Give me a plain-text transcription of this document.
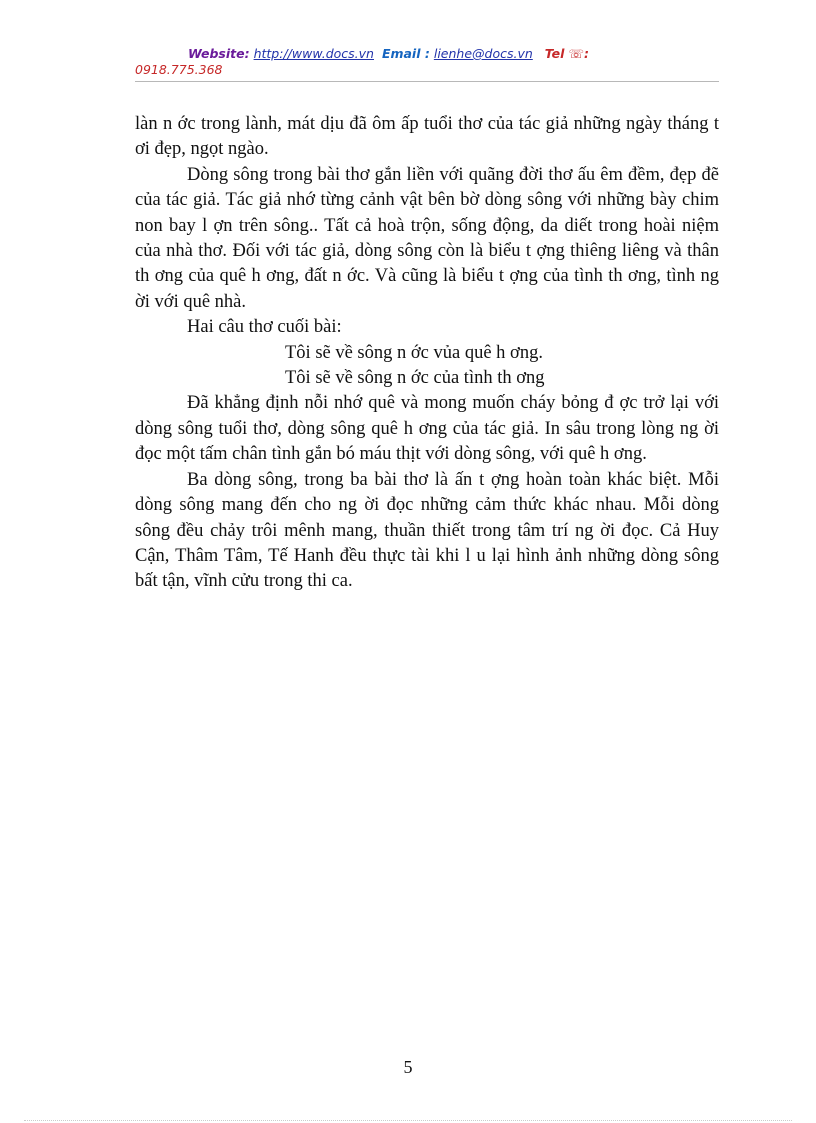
Website: http://www.docs.vn Email : lienhe@docs.vn Tel ☏:
0918.775.368

làn n ớc trong lành, mát dịu đã ôm ấp tuổi thơ của tác giả những ngày tháng t ơi đẹp, ngọt ngào.

Dòng sông trong bài thơ gắn liền với quãng đời thơ ấu êm đềm, đẹp đẽ của tác giả. Tác giả nhớ từng cảnh vật bên bờ dòng sông với những bày chim non bay l ợn trên sông.. Tất cả hoà trộn, sống động, da diết trong hoài niệm của nhà thơ. Đối với tác giả, dòng sông còn là biểu t ợng thiêng liêng và thân th ơng của quê h ơng, đất n ớc. Và cũng là biểu t ợng của tình th ơng, tình ng ời với quê nhà.

Hai câu thơ cuối bài:

Tôi sẽ về sông n ớc vủa quê h ơng.

Tôi sẽ về sông n ớc của tình th ơng

Đã khẳng định nỗi nhớ quê và mong muốn cháy bỏng đ ợc trở lại với dòng sông tuổi thơ, dòng sông quê h ơng của tác giả. In sâu trong lòng ng ời đọc một tấm chân tình gắn bó máu thịt với dòng sông, với quê h ơng.

Ba dòng sông, trong ba bài thơ là ấn t ợng hoàn toàn khác biệt. Mỗi dòng sông mang đến cho ng ời đọc những cảm thức khác nhau. Mỗi dòng sông đều chảy trôi mênh mang, thuần thiết trong tâm trí ng ời đọc. Cả Huy Cận, Thâm Tâm, Tế Hanh đều thực tài khi l u lại hình ảnh những dòng sông bất tận, vĩnh cửu trong thi ca.

5
